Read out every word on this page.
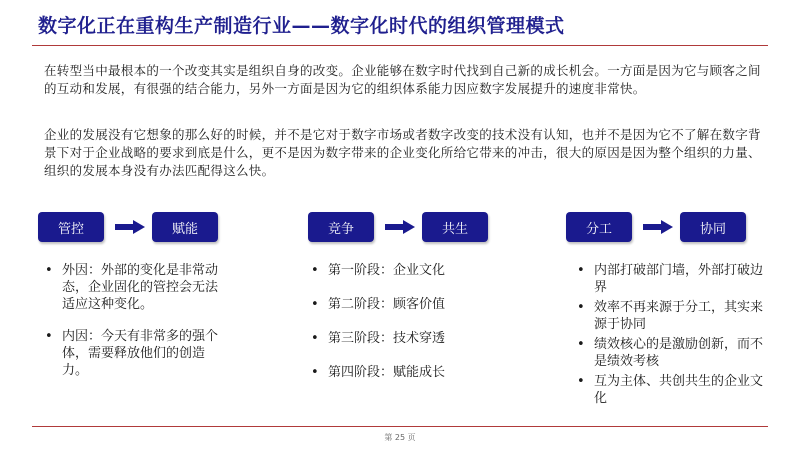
数字化正在重构生产制造行业——数字化时代的组织管理模式

在转型当中最根本的一个改变其实是组织自身的改变。企业能够在数字时代找到自己新的成长机会。一方面是因为它与顾客之间的互动和发展，有很强的结合能力，另外一方面是因为它的组织体系能力因应数字发展提升的速度非常快。

企业的发展没有它想象的那么好的时候，并不是它对于数字市场或者数字改变的技术没有认知，也并不是因为它不了解在数字背景下对于企业战略的要求到底是什么，更不是因为数字带来的企业变化所给它带来的冲击，很大的原因是因为整个组织的力量、组织的发展本身没有办法匹配得这么快。

管控	赋能
• 外因：外部的变化是非常动态，企业固化的管控会无法适应这种变化。
• 内因：今天有非常多的强个体，需要释放他们的创造力。
竞争	共生
• 第一阶段：企业文化
• 第二阶段：顾客价值
• 第三阶段：技术穿透
• 第四阶段：赋能成长
分工	协同
• 内部打破部门墙，外部打破边界
• 效率不再来源于分工，其实来源于协同
• 绩效核心的是激励创新，而不是绩效考核
• 互为主体、共创共生的企业文化
第 25 页
